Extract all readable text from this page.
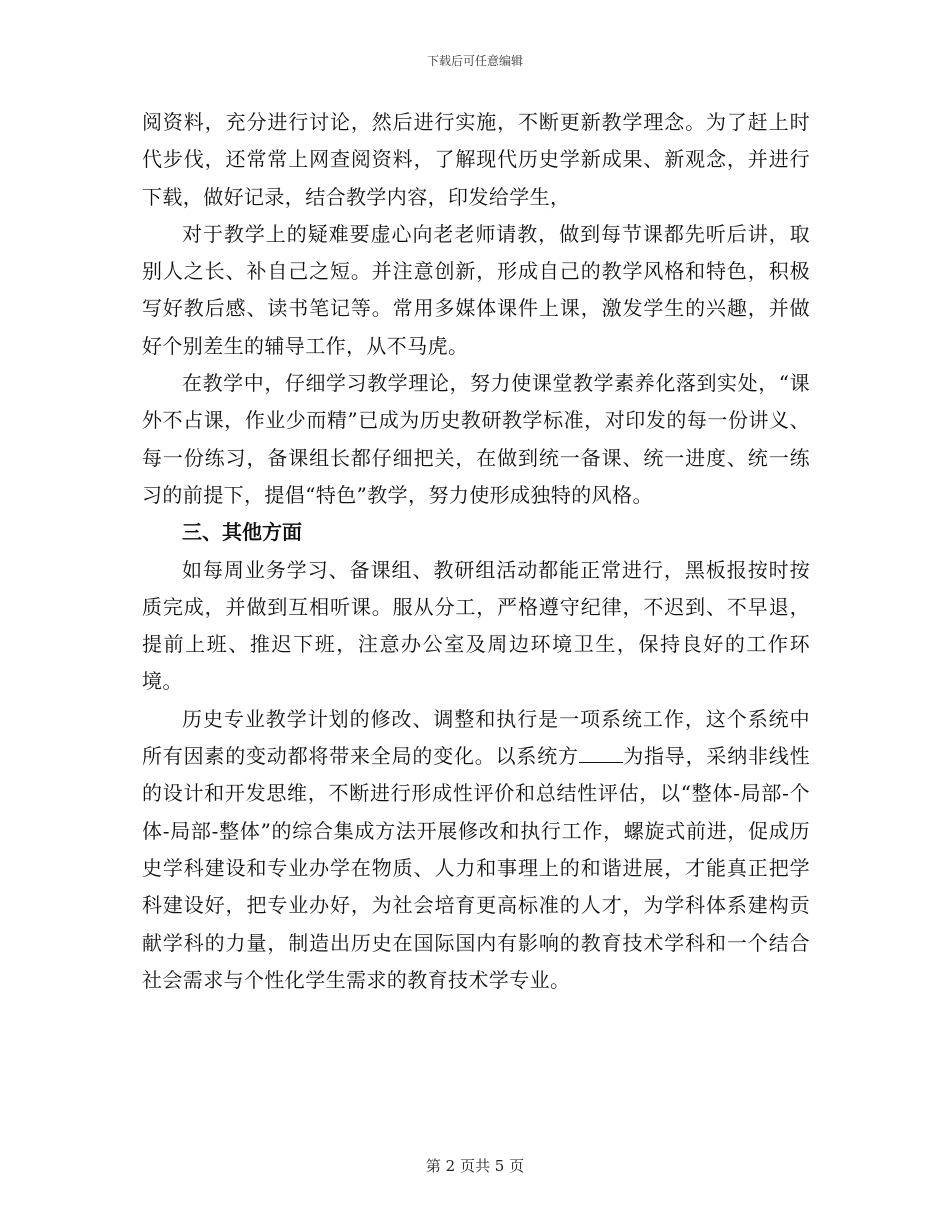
下载后可任意编辑

阅资料，充分进行讨论，然后进行实施，不断更新教学理念。为了赶上时代步伐，还常常上网查阅资料，了解现代历史学新成果、新观念，并进行下载，做好记录，结合教学内容，印发给学生，

对于教学上的疑难要虚心向老老师请教，做到每节课都先听后讲，取别人之长、补自己之短。并注意创新，形成自己的教学风格和特色，积极写好教后感、读书笔记等。常用多媒体课件上课，激发学生的兴趣，并做好个别差生的辅导工作，从不马虎。

在教学中，仔细学习教学理论，努力使课堂教学素养化落到实处，“课外不占课，作业少而精”已成为历史教研教学标准，对印发的每一份讲义、每一份练习，备课组长都仔细把关，在做到统一备课、统一进度、统一练习的前提下，提倡“特色”教学，努力使形成独特的风格。

三、其他方面

如每周业务学习、备课组、教研组活动都能正常进行，黑板报按时按质完成，并做到互相听课。服从分工，严格遵守纪律，不迟到、不早退，提前上班、推迟下班，注意办公室及周边环境卫生，保持良好的工作环境。

历史专业教学计划的修改、调整和执行是一项系统工作，这个系统中所有因素的变动都将带来全局的变化。以系统方 为指导，采纳非线性的设计和开发思维，不断进行形成性评价和总结性评估，以“整体-局部-个体-局部-整体”的综合集成方法开展修改和执行工作，螺旋式前进，促成历史学科建设和专业办学在物质、人力和事理上的和谐进展，才能真正把学科建设好，把专业办好，为社会培育更高标准的人才，为学科体系建构贡献学科的力量，制造出历史在国际国内有影响的教育技术学科和一个结合社会需求与个性化学生需求的教育技术学专业。

第 2 页共 5 页
